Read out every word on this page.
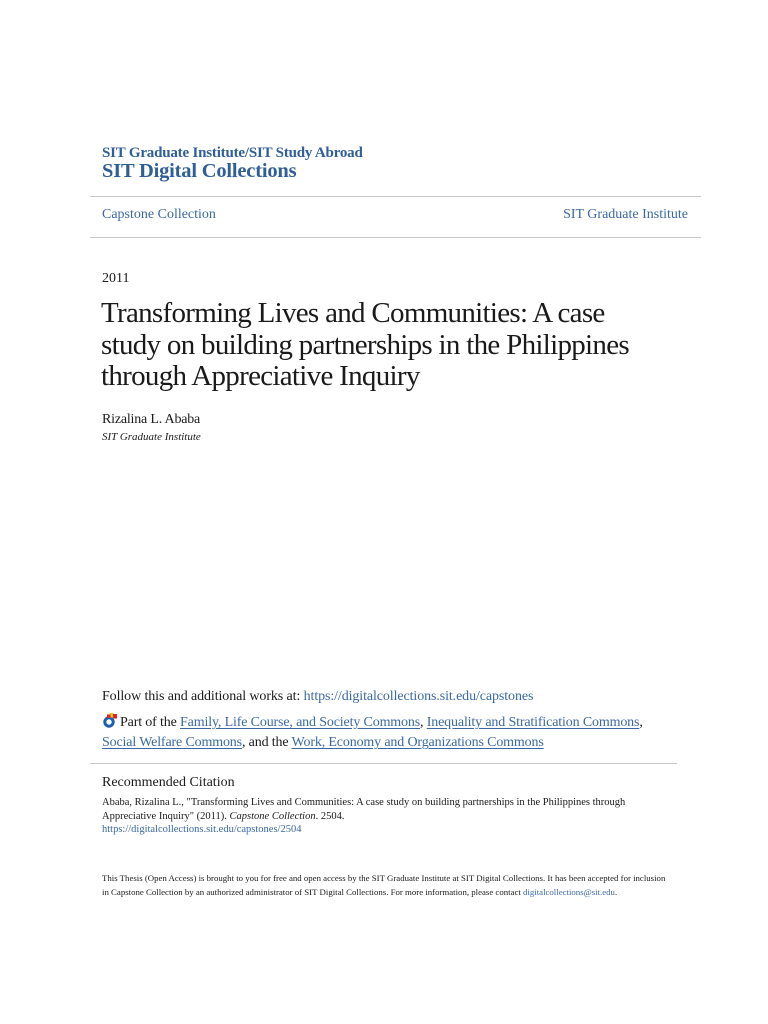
SIT Graduate Institute/SIT Study Abroad
SIT Digital Collections
Capstone Collection	SIT Graduate Institute
2011
Transforming Lives and Communities: A case study on building partnerships in the Philippines through Appreciative Inquiry
Rizalina L. Ababa
SIT Graduate Institute
Follow this and additional works at: https://digitalcollections.sit.edu/capstones
Part of the Family, Life Course, and Society Commons, Inequality and Stratification Commons,
Social Welfare Commons, and the Work, Economy and Organizations Commons
Recommended Citation
Ababa, Rizalina L., "Transforming Lives and Communities: A case study on building partnerships in the Philippines through Appreciative Inquiry" (2011). Capstone Collection. 2504.
https://digitalcollections.sit.edu/capstones/2504
This Thesis (Open Access) is brought to you for free and open access by the SIT Graduate Institute at SIT Digital Collections. It has been accepted for inclusion in Capstone Collection by an authorized administrator of SIT Digital Collections. For more information, please contact digitalcollections@sit.edu.
